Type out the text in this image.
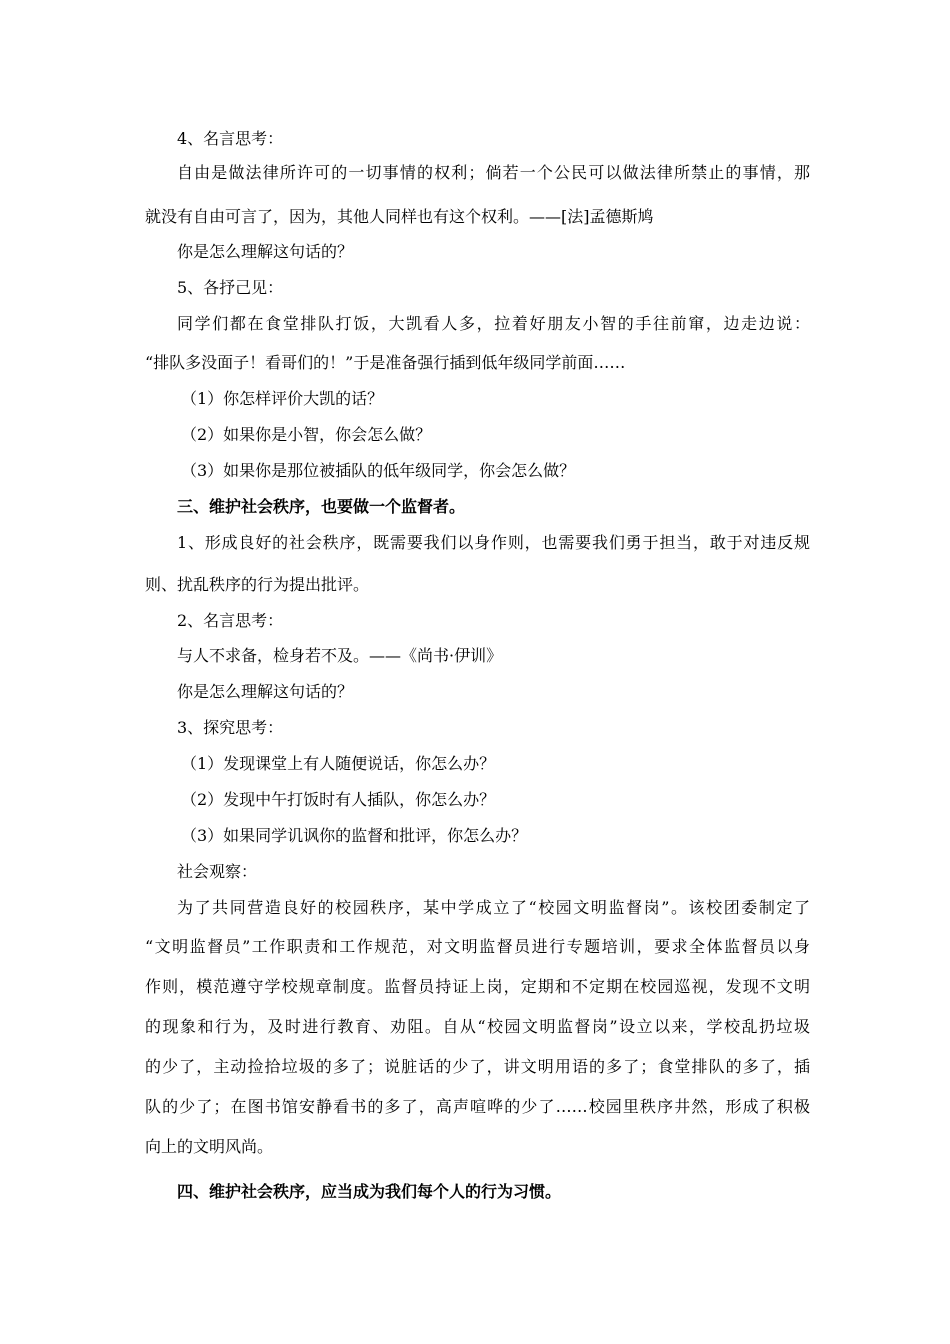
4、名言思考：
自由是做法律所许可的一切事情的权利；倘若一个公民可以做法律所禁止的事情，那
就没有自由可言了，因为，其他人同样也有这个权利。——[法]孟德斯鸠
你是怎么理解这句话的？
5、各抒己见：
同学们都在食堂排队打饭，大凯看人多，拉着好朋友小智的手往前窜，边走边说：
“排队多没面子！看哥们的！”于是准备强行插到低年级同学前面……
（1）你怎样评价大凯的话？
（2）如果你是小智，你会怎么做？
（3）如果你是那位被插队的低年级同学，你会怎么做？
三、维护社会秩序，也要做一个监督者。
1、形成良好的社会秩序，既需要我们以身作则，也需要我们勇于担当，敢于对违反规
则、扰乱秩序的行为提出批评。
2、名言思考：
与人不求备，检身若不及。——《尚书·伊训》
你是怎么理解这句话的？
3、探究思考：
（1）发现课堂上有人随便说话，你怎么办？
（2）发现中午打饭时有人插队，你怎么办？
（3）如果同学讥讽你的监督和批评，你怎么办？
社会观察：
为了共同营造良好的校园秩序，某中学成立了“校园文明监督岗”。该校团委制定了
“文明监督员”工作职责和工作规范，对文明监督员进行专题培训，要求全体监督员以身
作则，模范遵守学校规章制度。监督员持证上岗，定期和不定期在校园巡视，发现不文明
的现象和行为，及时进行教育、劝阻。自从“校园文明监督岗”设立以来，学校乱扔垃圾
的少了，主动捡拾垃圾的多了；说脏话的少了，讲文明用语的多了；食堂排队的多了，插
队的少了；在图书馆安静看书的多了，高声喧哗的少了……校园里秩序井然，形成了积极
向上的文明风尚。
四、维护社会秩序，应当成为我们每个人的行为习惯。
